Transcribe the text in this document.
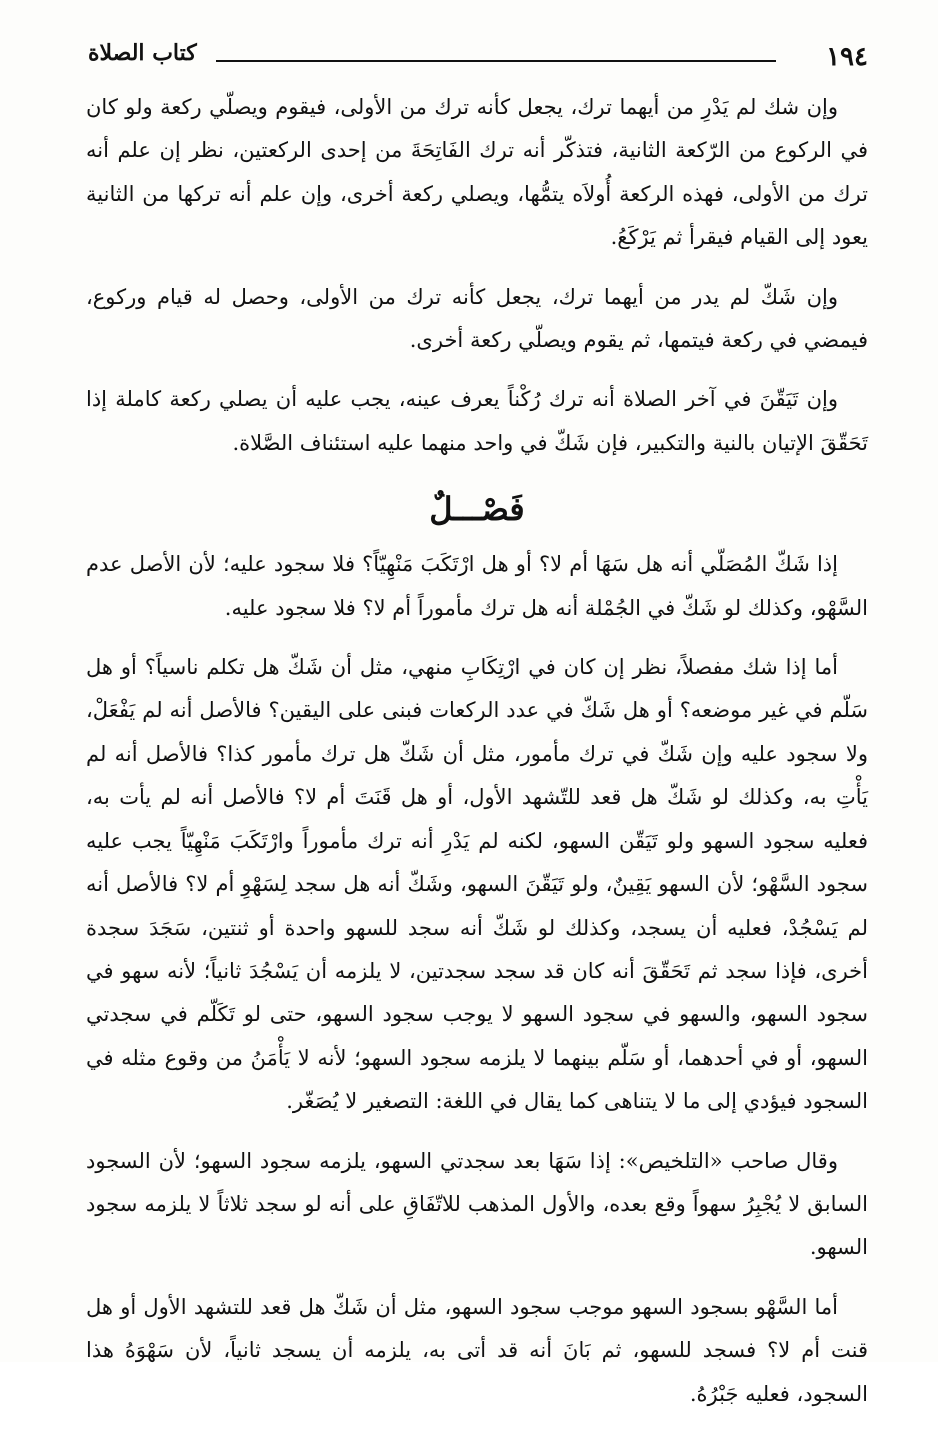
١٩٤
كتاب الصلاة

وإن شك لم يَدْرِ من أيهما ترك، يجعل كأنه ترك من الأولى، فيقوم ويصلّي ركعة ولو كان في الركوع من الرّكعة الثانية، فتذكّر أنه ترك الفَاتِحَةَ من إحدى الركعتين، نظر إن علم أنه ترك من الأولى، فهذه الركعة أُولاَه يتمُّها، ويصلي ركعة أخرى، وإن علم أنه تركها من الثانية يعود إلى القيام فيقرأ ثم يَرْكَعُ.

وإن شَكّ لم يدر من أيهما ترك، يجعل كأنه ترك من الأولى، وحصل له قيام وركوع، فيمضي في ركعة فيتمها، ثم يقوم ويصلّي ركعة أخرى.

وإن تَيَقّنَ في آخر الصلاة أنه ترك رُكْناً يعرف عينه، يجب عليه أن يصلي ركعة كاملة إذا تَحَقّقَ الإتيان بالنية والتكبير، فإن شَكّ في واحد منهما عليه استئناف الصَّلاة.

فَصْـــلٌ

إذا شَكّ المُصَلّي أنه هل سَهَا أم لا؟ أو هل ارْتَكَبَ مَنْهِيّاً؟ فلا سجود عليه؛ لأن الأصل عدم السَّهْو، وكذلك لو شَكّ في الجُمْلة أنه هل ترك مأموراً أم لا؟ فلا سجود عليه.

أما إذا شك مفصلاً، نظر إن كان في ارْتِكَابِ منهي، مثل أن شَكّ هل تكلم ناسياً؟ أو هل سَلّم في غير موضعه؟ أو هل شَكّ في عدد الركعات فبنى على اليقين؟ فالأصل أنه لم يَفْعَلْ، ولا سجود عليه وإن شَكّ في ترك مأمور، مثل أن شَكّ هل ترك مأمور كذا؟ فالأصل أنه لم يَأْتِ به، وكذلك لو شَكّ هل قعد للتّشهد الأول، أو هل قَنَتَ أم لا؟ فالأصل أنه لم يأت به، فعليه سجود السهو ولو تَيَقّن السهو، لكنه لم يَدْرِ أنه ترك مأموراً وارْتَكَبَ مَنْهِيّاً يجب عليه سجود السَّهْو؛ لأن السهو يَقِينٌ، ولو تَيَقّنَ السهو، وشَكّ أنه هل سجد لِسَهْوِ أم لا؟ فالأصل أنه لم يَسْجُدْ، فعليه أن يسجد، وكذلك لو شَكّ أنه سجد للسهو واحدة أو ثنتين، سَجَدَ سجدة أخرى، فإذا سجد ثم تَحَقّقَ أنه كان قد سجد سجدتين، لا يلزمه أن يَسْجُدَ ثانياً؛ لأنه سهو في سجود السهو، والسهو في سجود السهو لا يوجب سجود السهو، حتى لو تَكَلّم في سجدتي السهو، أو في أحدهما، أو سَلّم بينهما لا يلزمه سجود السهو؛ لأنه لا يَأْمَنُ من وقوع مثله في السجود فيؤدي إلى ما لا يتناهى كما يقال في اللغة: التصغير لا يُصَغّر.

وقال صاحب «التلخيص»: إذا سَهَا بعد سجدتي السهو، يلزمه سجود السهو؛ لأن السجود السابق لا يُجْبِرُ سهواً وقع بعده، والأول المذهب للاتّفَاقِ على أنه لو سجد ثلاثاً لا يلزمه سجود السهو.

أما السَّهْو بسجود السهو موجب سجود السهو، مثل أن شَكّ هل قعد للتشهد الأول أو هل قنت أم لا؟ فسجد للسهو، ثم بَانَ أنه قد أتى به، يلزمه أن يسجد ثانياً، لأن سَهْوَهُ هذا السجود، فعليه جَبْرُهُ.
